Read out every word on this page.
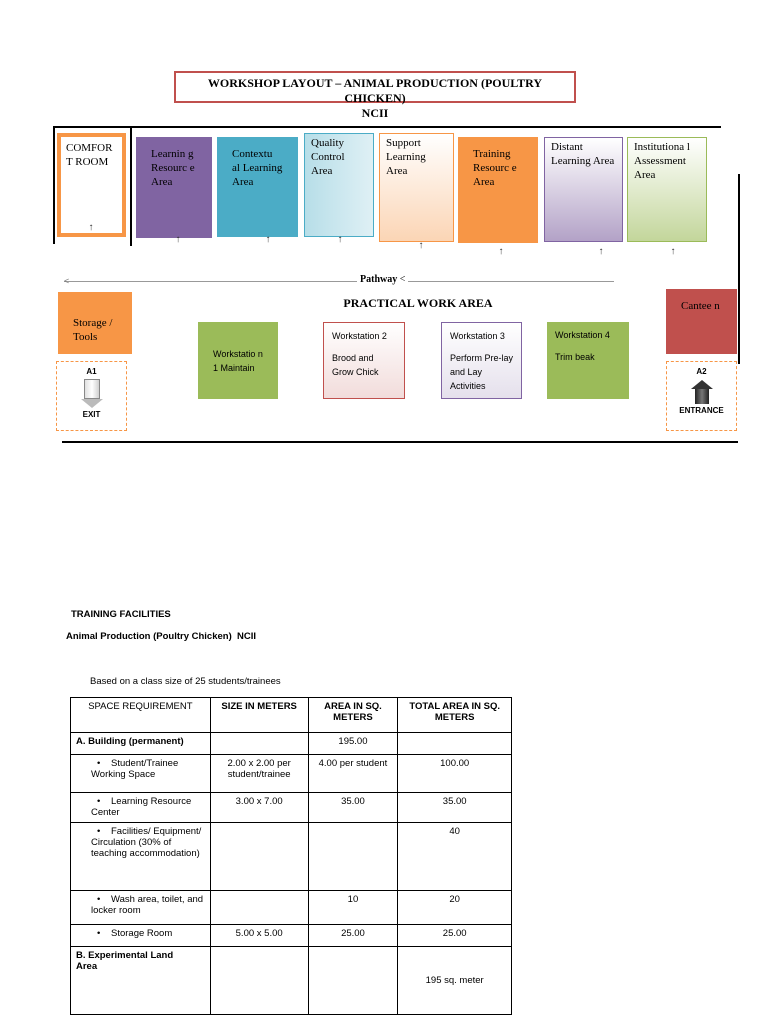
WORKSHOP LAYOUT – ANIMAL PRODUCTION (POULTRY CHICKEN)
NCII
COMFOR T ROOM
Learnin g Resourc e Area
Contextu al Learning Area
Quality Control Area
Support Learning Area
Training Resourc e Area
Distant Learning Area
Institutiona l Assessment Area
↑
↑	↑	↑
↑
↑	↑	↑
<	Pathway <
PRACTICAL WORK AREA
Storage / Tools
Cantee n
A1
EXIT
A2
ENTRANCE
Workstatio n 1 Maintain
Workstation 2
Brood and Grow Chick
Workstation 3
Perform Pre-lay and Lay Activities
Workstation 4
Trim beak
TRAINING FACILITIES
Animal Production (Poultry Chicken)  NCII
Based on a class size of 25 students/trainees
SPACE REQUIREMENT	SIZE IN METERS	AREA IN SQ. METERS	TOTAL AREA IN SQ. METERS
A. Building (permanent)		195.00	

• Student/Trainee Working Space	2.00 x 2.00 per student/trainee	4.00 per student	100.00

• Learning Resource Center	3.00 x 7.00	35.00	35.00

• Facilities/ Equipment/ Circulation (30% of teaching accommodation)			40

• Wash area, toilet, and locker room		10	20

• Storage Room	5.00 x 5.00	25.00	25.00
B. Experimental Land Area			195 sq. meter
